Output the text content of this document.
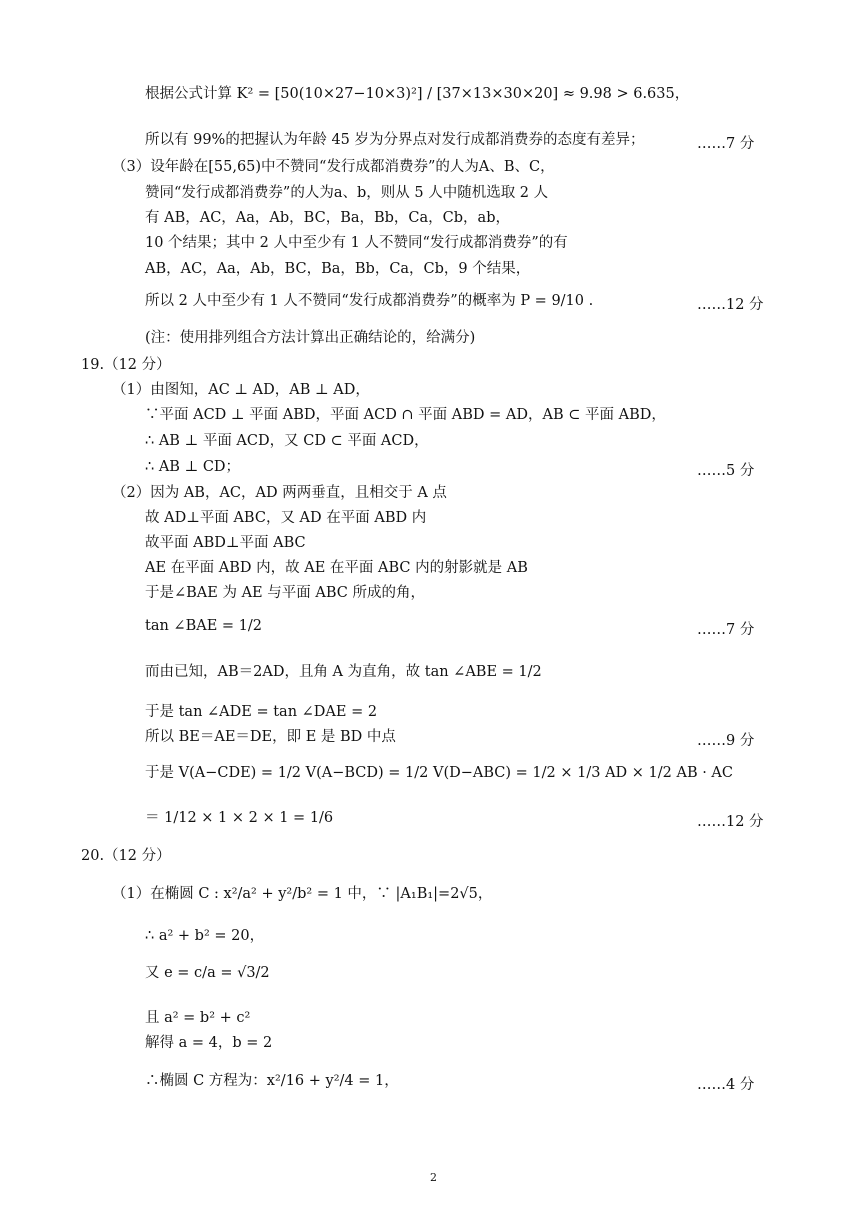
根据公式计算 K² = [50(10×27−10×3)²] / [37×13×30×20] ≈ 9.98 > 6.635，
所以有 99%的把握认为年龄 45 岁为分界点对发行成都消费券的态度有差异；	……7 分
（3）设年龄在[55,65)中不赞同“发行成都消费券”的人为A、B、C，
赞同“发行成都消费券”的人为a、b，则从 5 人中随机选取 2 人
有 AB，AC，Aa，Ab，BC，Ba，Bb，Ca，Cb，ab，
10 个结果；其中 2 人中至少有 1 人不赞同“发行成都消费券”的有
AB，AC，Aa，Ab，BC，Ba，Bb，Ca，Cb，9 个结果，
所以 2 人中至少有 1 人不赞同“发行成都消费券”的概率为 P = 9/10 .	……12 分
(注：使用排列组合方法计算出正确结论的，给满分)
19.（12 分）
（1）由图知，AC ⊥ AD，AB ⊥ AD，
∵平面 ACD ⊥ 平面 ABD，平面 ACD ∩ 平面 ABD = AD，AB ⊂ 平面 ABD，
∴ AB ⊥ 平面 ACD，又 CD ⊂ 平面 ACD，
∴ AB ⊥ CD；	……5 分
（2）因为 AB，AC，AD 两两垂直，且相交于 A 点
故 AD⊥平面 ABC，又 AD 在平面 ABD 内
故平面 ABD⊥平面 ABC
AE 在平面 ABD 内，故 AE 在平面 ABC 内的射影就是 AB
于是∠BAE 为 AE 与平面 ABC 所成的角，
tan ∠BAE = 1/2	……7 分
而由已知，AB＝2AD，且角 A 为直角，故 tan ∠ABE = 1/2
于是 tan ∠ADE = tan ∠DAE = 2
所以 BE＝AE＝DE，即 E 是 BD 中点	……9 分
于是 V(A−CDE) = 1/2 V(A−BCD) = 1/2 V(D−ABC) = 1/2 × 1/3 AD × 1/2 AB · AC
＝ 1/12 × 1 × 2 × 1 = 1/6	……12 分
20.（12 分）
（1）在椭圆 C : x²/a² + y²/b² = 1 中，∵ |A₁B₁|=2√5，
∴ a² + b² = 20，
又 e = c/a = √3/2
且 a² = b² + c²
解得 a = 4，b = 2
∴椭圆 C 方程为：x²/16 + y²/4 = 1，	……4 分
2
